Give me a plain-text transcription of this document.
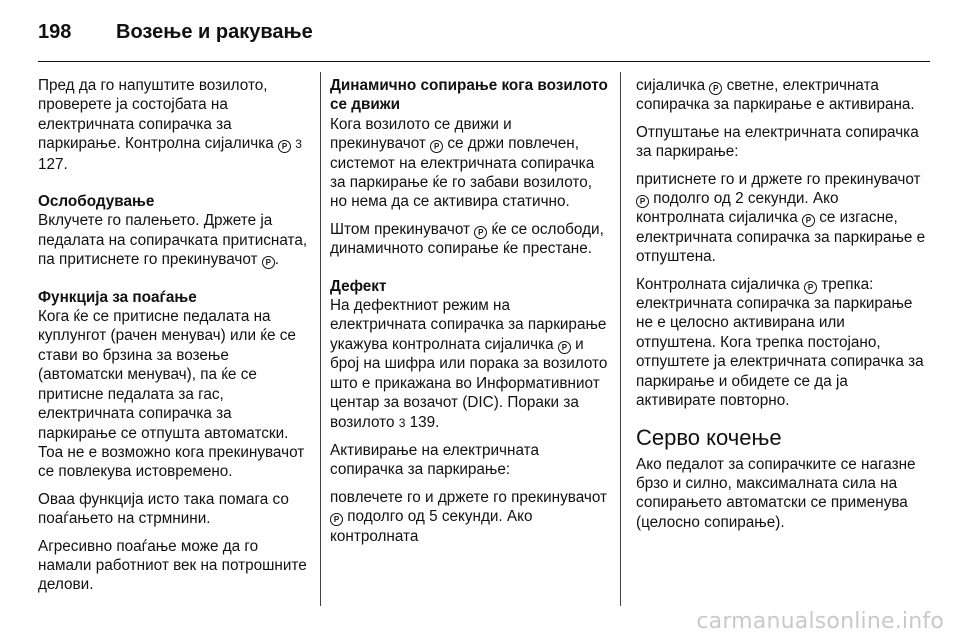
198 Возење и ракување

Пред да го напуштите возилото, проверете ја состојбата на електричната сопирачка за паркирање. Контролна сијаличка P 3 127.

Ослободување

Вклучете го палењето. Држете ја педалата на сопирачката притисната, па притиснете го прекинувачот P .

Функција за поаѓање

Кога ќе се притисне педалата на куплунгот (рачен менувач) или ќе се стави во брзина за возење (автоматски менувач), па ќе се притисне педалата за гас, електричната сопирачка за паркирање се отпушта автоматски. Тоа не е возможно кога прекинувачот се повлекува истовремено.

Оваа функција исто така помага со поаѓањето на стрмнини.

Агресивно поаѓање може да го намали работниот век на потрошните делови.

Динамично сопирање кога возилото се движи

Кога возилото се движи и прекинувачот P се држи повлечен, системот на електричната сопирачка за паркирање ќе го забави возилото, но нема да се активира статично.

Штом прекинувачот P ќе се ослободи, динамичното сопирање ќе престане.

Дефект

На дефектниот режим на електричната сопирачка за паркирање укажува контролната сијаличка P и број на шифра или порака за возилото што е прикажана во Информативниот центар за возачот (DIC). Пораки за возилото 3 139.

Активирање на електричната сопирачка за паркирање:

повлечете го и држете го прекинувачот P подолго од 5 секунди. Ако контролната

сијаличка P светне, електричната сопирачка за паркирање е активирана.

Отпуштање на електричната сопирачка за паркирање:

притиснете го и држете го прекинувачот P подолго од 2 секунди. Ако контролната сијаличка P се изгасне, електричната сопирачка за паркирање е отпуштена.

Контролната сијаличка P трепка: електричната сопирачка за паркирање не е целосно активирана или отпуштена. Кога трепка постојано, отпуштете ја електричната сопирачка за паркирање и обидете се да ја активирате повторно.

Серво кочење

Ако педалот за сопирачките се нагазне брзо и силно, максималната сила на сопирањето автоматски се применува (целосно сопирање).

carmanualsonline.info
